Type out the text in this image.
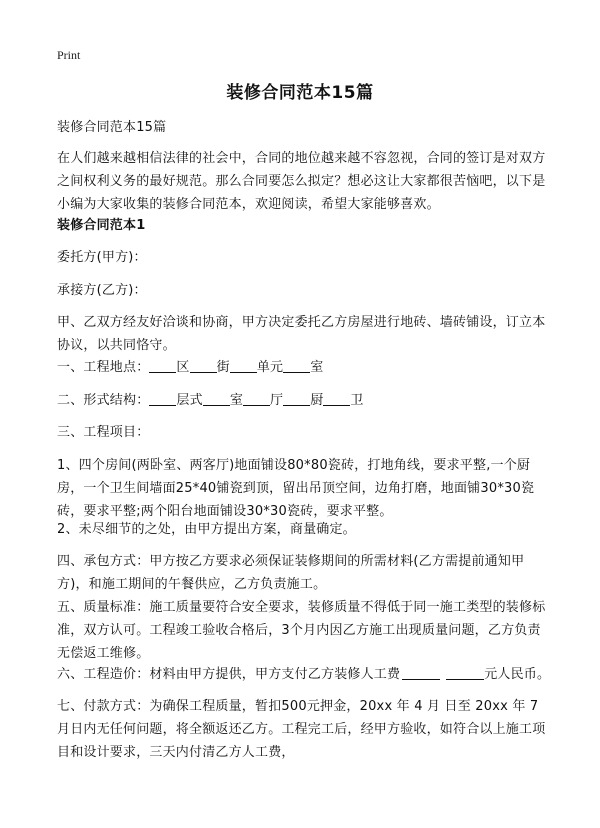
Print
装修合同范本15篇
装修合同范本15篇
在人们越来越相信法律的社会中，合同的地位越来越不容忽视，合同的签订是对双方之间权利义务的最好规范。那么合同要怎么拟定？想必这让大家都很苦恼吧，以下是小编为大家收集的装修合同范本，欢迎阅读，希望大家能够喜欢。
装修合同范本1
委托方(甲方)：
承接方(乙方)：
甲、乙双方经友好洽谈和协商，甲方决定委托乙方房屋进行地砖、墙砖铺设，订立本协议，以共同恪守。
一、工程地点： 区 街 单元 室
二、形式结构： 层式 室 厅 厨 卫
三、工程项目：
1、四个房间(两卧室、两客厅)地面铺设80*80瓷砖，打地角线，要求平整,一个厨房，一个卫生间墙面25*40铺瓷到顶，留出吊顶空间，边角打磨，地面铺30*30瓷砖，要求平整;两个阳台地面铺设30*30瓷砖，要求平整。
2、未尽细节的之处，由甲方提出方案，商量确定。
四、承包方式：甲方按乙方要求必须保证装修期间的所需材料(乙方需提前通知甲方)，和施工期间的午餐供应，乙方负责施工。
五、质量标准：施工质量要符合安全要求，装修质量不得低于同一施工类型的装修标准，双方认可。工程竣工验收合格后，3个月内因乙方施工出现质量问题，乙方负责无偿返工维修。
六、工程造价：材料由甲方提供，甲方支付乙方装修人工费	元人民币。
七、付款方式：为确保工程质量，暂扣500元押金，20xx 年 4 月 日至 20xx 年 7 月日内无任何问题，将全额返还乙方。工程完工后，经甲方验收，如符合以上施工项目和设计要求，三天内付清乙方人工费，
